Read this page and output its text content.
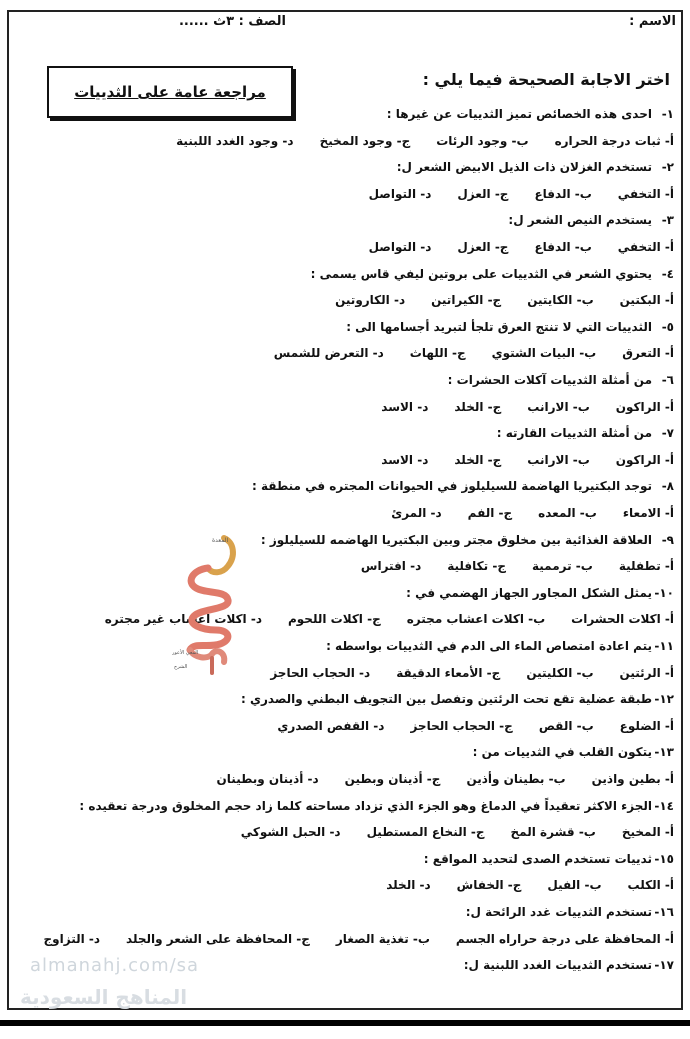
الاسم :
الصف : ٣ث ......
مراجعة عامة على الثدييات
اختر الاجابة الصحيحة فيما يلي :
١-احدى هذه الخصائص تميز الثدييات عن غيرها :
أ- ثبات درجة الحرارهب- وجود الرئاتج- وجود المخيخد- وجود الغدد اللبنية
٢-تستخدم الغزلان ذات الذيل الابيض الشعر ل:
أ- التخفيب- الدفاعج- العزلد- التواصل
٣-يستخدم النيص الشعر ل:
أ- التخفيب- الدفاعج- العزلد- التواصل
٤-يحتوي الشعر في الثدييات على بروتين ليفي قاس يسمى :
أ- البكتينب- الكايتينج- الكيراتيند- الكاروتين
٥-الثدييات التي لا تنتج العرق تلجأ لتبريد أجسامها الى :
أ- التعرقب- البيات الشتويج- اللهاثد- التعرض للشمس
٦-من أمثلة الثدييات آكلات الحشرات :
أ- الراكونب- الارانبج- الخلدد- الاسد
٧-من أمثلة الثدييات القارته :
أ- الراكونب- الارانبج- الخلدد- الاسد
٨-توجد البكتيريا الهاضمة للسيليلوز في الحيوانات المجتره في منطقة :
أ- الامعاءب- المعدهج- الفمد- المرئ
٩-العلاقة الغذائية بين مخلوق مجتر وبين البكتيريا الهاضمه للسيليلوز :
أ- تطفليةب- ترمميةج- تكافليةد- افتراس
١٠-يمثل الشكل المجاور الجهاز الهضمي في :
أ- اكلات الحشراتب- اكلات اعشاب مجترهج- اكلات اللحومد- اكلات أعشاب غير مجتره
١١-يتم اعادة امتصاص الماء الى الدم في الثدييات بواسطه :
أ- الرئتينب- الكليتينج- الأمعاء الدقيقةد- الحجاب الحاجز
١٢-طبقة عضلية تقع تحت الرئتين وتفصل بين التجويف البطني والصدري :
أ- الضلوعب- القصج- الحجاب الحاجزد- القفص الصدري
١٣-يتكون القلب في الثدييات من :
أ- بطين واذينب- بطينان وأذينج- أذينان وبطيند- أذينان وبطينان
١٤-الجزء الاكثر تعقيداً في الدماغ وهو الجزء الذي تزداد مساحته كلما زاد حجم المخلوق ودرجة تعقيده :
أ- المخيخب- قشرة المخج- النخاع المستطيلد- الحبل الشوكي
١٥-ثدييات تستخدم الصدى لتحديد المواقع :
أ- الكلبب- الفيلج- الخفاشد- الخلد
١٦-تستخدم الثدييات غدد الرائحة ل:
أ- المحافظة على درجة حراراه الجسمب- تغذية الصغارج- المحافظة على الشعر والجلدد- التزاوج
١٧-تستخدم الثدييات الغدد اللبنية ل:
المعدة
المعي الأعور
الشرج
almanahj.com/sa
المناهج السعودية
